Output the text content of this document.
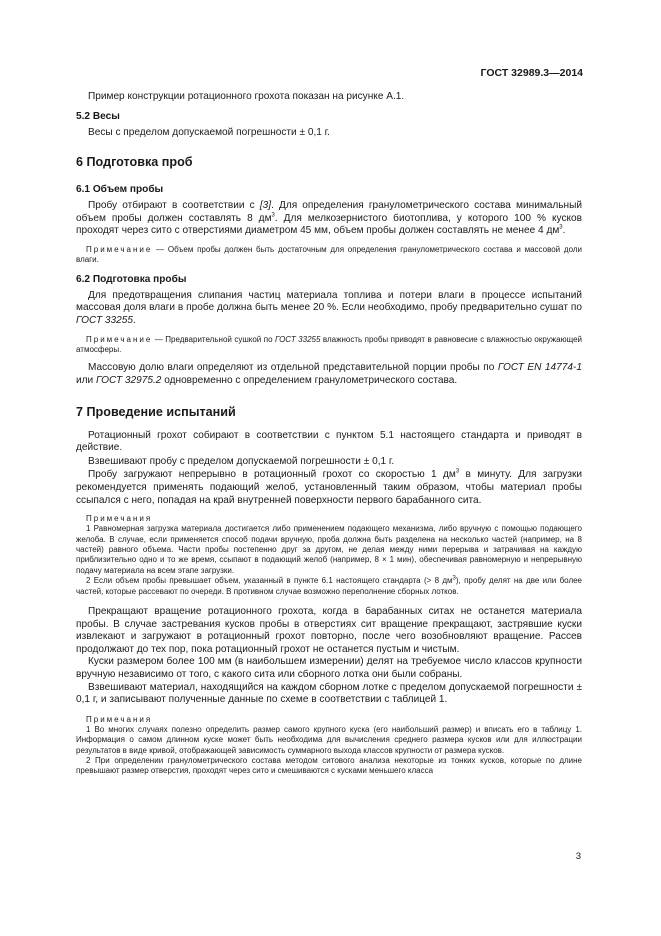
ГОСТ 32989.3—2014

Пример конструкции ротационного грохота показан на рисунке А.1.

5.2 Весы

Весы с пределом допускаемой погрешности ± 0,1 г.

6 Подготовка проб

6.1 Объем пробы

Пробу отбирают в соответствии с [3]. Для определения гранулометрического состава минимальный объем пробы должен составлять 8 $дм^3$. Для мелкозернистого биотоплива, у которого 100 % кусков проходят через сито с отверстиями диаметром 45 мм, объем пробы должен составлять не менее 4 $дм^3$.

Примечание — Объем пробы должен быть достаточным для определения гранулометрического состава и массовой доли влаги.

6.2 Подготовка пробы

Для предотвращения слипания частиц материала топлива и потери влаги в процессе испытаний массовая доля влаги в пробе должна быть менее 20 %. Если необходимо, пробу предварительно сушат по ГОСТ 33255.

Примечание — Предварительной сушкой по ГОСТ 33255 влажность пробы приводят в равновесие с влажностью окружающей атмосферы.

Массовую долю влаги определяют из отдельной представительной порции пробы по ГОСТ EN 14774-1 или ГОСТ 32975.2 одновременно с определением гранулометрического состава.

7 Проведение испытаний

Ротационный грохот собирают в соответствии с пунктом 5.1 настоящего стандарта и приводят в действие.

Взвешивают пробу с пределом допускаемой погрешности ± 0,1 г.

Пробу загружают непрерывно в ротационный грохот со скоростью 1 $дм^3$ в минуту. Для загрузки рекомендуется применять подающий желоб, установленный таким образом, чтобы материал пробы ссыпался с него, попадая на край внутренней поверхности первого барабанного сита.

Примечания

1 Равномерная загрузка материала достигается либо применением подающего механизма, либо вручную с помощью подающего желоба. В случае, если применяется способ подачи вручную, проба должна быть разделена на несколько частей (например, на 8 частей) равного объема. Части пробы постепенно друг за другом, не делая между ними перерыва и затрачивая на каждую приблизительно одно и то же время, ссыпают в подающий желоб (например, 8 × 1 мин), обеспечивая равномерную и непрерывную подачу материала на всем этапе загрузки.

2 Если объем пробы превышает объем, указанный в пункте 6.1 настоящего стандарта (> 8 $дм^3$), пробу делят на две или более частей, которые рассевают по очереди. В противном случае возможно переполнение сборных лотков.

Прекращают вращение ротационного грохота, когда в барабанных ситах не останется материала пробы. В случае застревания кусков пробы в отверстиях сит вращение прекращают, застрявшие куски извлекают и загружают в ротационный грохот повторно, после чего возобновляют вращение. Рассев продолжают до тех пор, пока ротационный грохот не останется пустым и чистым.

Куски размером более 100 мм (в наибольшем измерении) делят на требуемое число классов крупности вручную независимо от того, с какого сита или сборного лотка они были собраны.

Взвешивают материал, находящийся на каждом сборном лотке с пределом допускаемой погрешности ± 0,1 г, и записывают полученные данные по схеме в соответствии с таблицей 1.

Примечания

1 Во многих случаях полезно определить размер самого крупного куска (его наибольший размер) и вписать его в таблицу 1. Информация о самом длинном куске может быть необходима для вычисления среднего размера кусков или для иллюстрации результатов в виде кривой, отображающей зависимость суммарного выхода классов крупности от размера кусков.

2 При определении гранулометрического состава методом ситового анализа некоторые из тонких кусков, которые по длине превышают размер отверстия, проходят через сито и смешиваются с кусками меньшего класса

3
